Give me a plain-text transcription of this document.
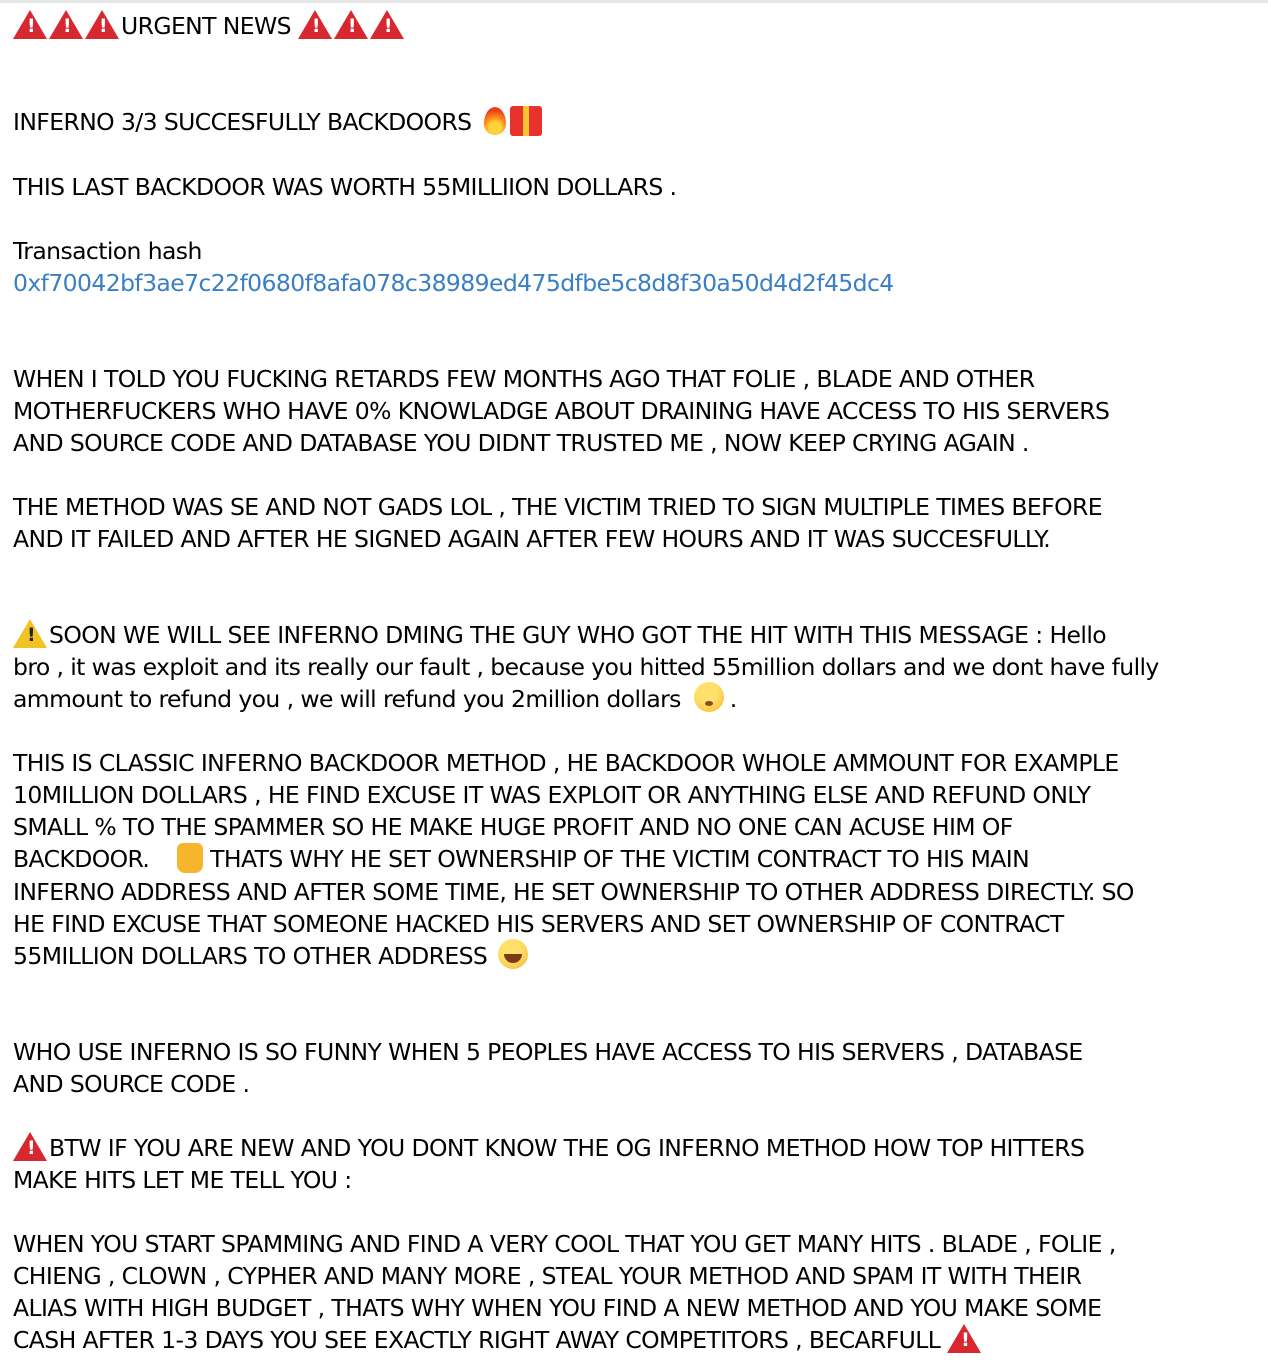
!!!URGENT NEWS !!!

INFERNO 3/3 SUCCESFULLY BACKDOORS

THIS LAST BACKDOOR WAS WORTH 55MILLIION DOLLARS .

Transaction hash

0xf70042bf3ae7c22f0680f8afa078c38989ed475dfbe5c8d8f30a50d4d2f45dc4

WHEN I TOLD YOU FUCKING RETARDS FEW MONTHS AGO THAT FOLIE , BLADE AND OTHER

MOTHERFUCKERS WHO HAVE 0% KNOWLADGE ABOUT DRAINING HAVE ACCESS TO HIS SERVERS

AND SOURCE CODE AND DATABASE YOU DIDNT TRUSTED ME , NOW KEEP CRYING AGAIN .

THE METHOD WAS SE AND NOT GADS LOL , THE VICTIM TRIED TO SIGN MULTIPLE TIMES BEFORE

AND IT FAILED AND AFTER HE SIGNED AGAIN AFTER FEW HOURS AND IT WAS SUCCESFULLY.

!SOON WE WILL SEE INFERNO DMING THE GUY WHO GOT THE HIT WITH THIS MESSAGE : Hello

bro , it was exploit and its really our fault , because you hitted 55million dollars and we dont have fully

ammount to refund you , we will refund you 2million dollars .

THIS IS CLASSIC INFERNO BACKDOOR METHOD , HE BACKDOOR WHOLE AMMOUNT FOR EXAMPLE

10MILLION DOLLARS , HE FIND EXCUSE IT WAS EXPLOIT OR ANYTHING ELSE AND REFUND ONLY

SMALL % TO THE SPAMMER SO HE MAKE HUGE PROFIT AND NO ONE CAN ACUSE HIM OF

BACKDOOR. THATS WHY HE SET OWNERSHIP OF THE VICTIM CONTRACT TO HIS MAIN

INFERNO ADDRESS AND AFTER SOME TIME, HE SET OWNERSHIP TO OTHER ADDRESS DIRECTLY. SO

HE FIND EXCUSE THAT SOMEONE HACKED HIS SERVERS AND SET OWNERSHIP OF CONTRACT

55MILLION DOLLARS TO OTHER ADDRESS

WHO USE INFERNO IS SO FUNNY WHEN 5 PEOPLES HAVE ACCESS TO HIS SERVERS , DATABASE

AND SOURCE CODE .

!BTW IF YOU ARE NEW AND YOU DONT KNOW THE OG INFERNO METHOD HOW TOP HITTERS

MAKE HITS LET ME TELL YOU :

WHEN YOU START SPAMMING AND FIND A VERY COOL THAT YOU GET MANY HITS . BLADE , FOLIE ,

CHIENG , CLOWN , CYPHER AND MANY MORE , STEAL YOUR METHOD AND SPAM IT WITH THEIR

ALIAS WITH HIGH BUDGET , THATS WHY WHEN YOU FIND A NEW METHOD AND YOU MAKE SOME

CASH AFTER 1-3 DAYS YOU SEE EXACTLY RIGHT AWAY COMPETITORS , BECARFULL !
